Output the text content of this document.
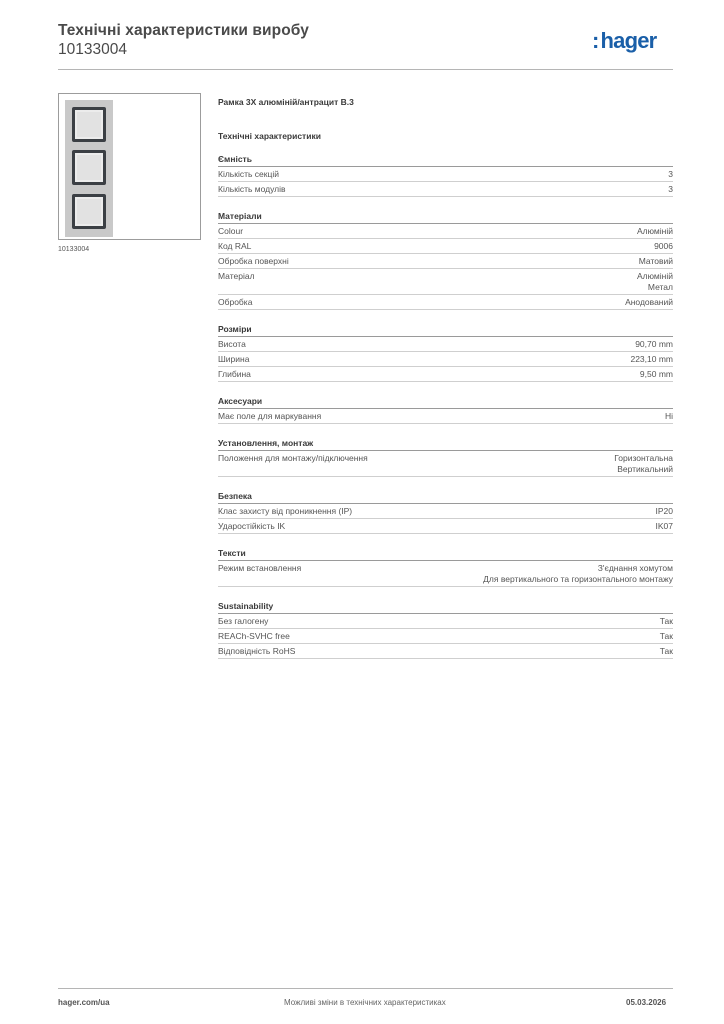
Технічні характеристики виробу
10133004	:hager
10133004
Рамка 3Х алюміній/антрацит В.3
Технічні характеристики
Ємність
Кількість секцій	3
Кількість модулів	3
Матеріали
Colour	Алюміній
Код RAL	9006
Обробка поверхні	Матовий
Матеріал	Алюміній
Метал
Обробка	Анодований
Розміри
Висота	90,70 mm
Ширина	223,10 mm
Глибина	9,50 mm
Аксесуари
Має поле для маркування	Ні
Установлення, монтаж
Положення для монтажу/підключення	Горизонтальна
Вертикальний
Безпека
Клас захисту від проникнення (IP)	IP20
Ударостійкість IK	IK07
Тексти
Режим встановлення	З'єднання хомутом
Для вертикального та горизонтального монтажу
Sustainability
Без галогену	Так
REACh-SVHC free	Так
Відповідність RoHS	Так
hager.com/ua	Можливі зміни в технічних характеристиках	05.03.2026
